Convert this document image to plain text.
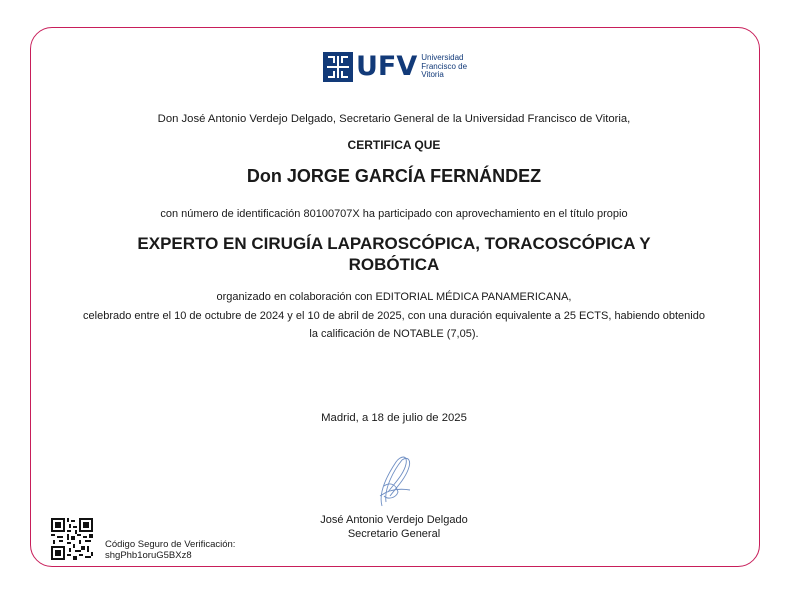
UFV Universidad
Francisco de
Vitoria
Don José Antonio Verdejo Delgado, Secretario General de la Universidad Francisco de Vitoria,
CERTIFICA QUE
Don JORGE GARCÍA FERNÁNDEZ
con número de identificación 80100707X ha participado con aprovechamiento en el título propio
EXPERTO EN CIRUGÍA LAPAROSCÓPICA, TORACOSCÓPICA Y
ROBÓTICA
organizado en colaboración con EDITORIAL MÉDICA PANAMERICANA,
celebrado entre el 10 de octubre de 2024 y el 10 de abril de 2025, con una duración equivalente a 25 ECTS, habiendo obtenido
la calificación de NOTABLE (7,05).
Madrid, a 18 de julio de 2025
José Antonio Verdejo Delgado
Secretario General
Código Seguro de Verificación:
shgPhb1oruG5BXz8
